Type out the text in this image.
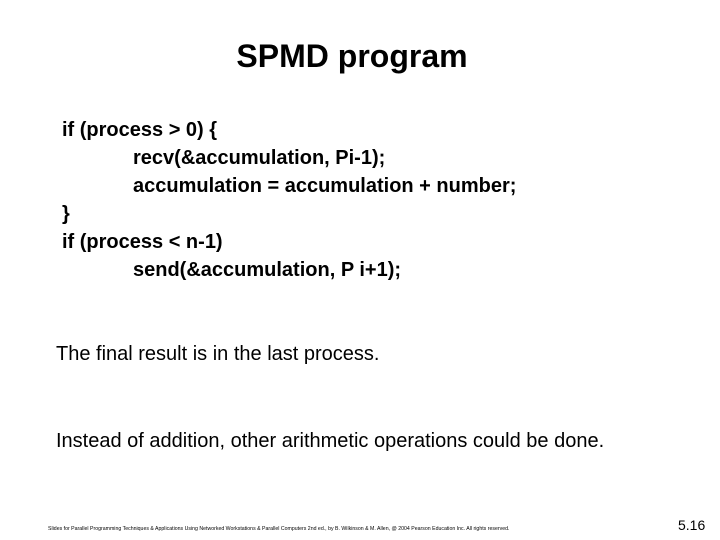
SPMD program
if (process > 0) {
recv(&accumulation, Pi-1);
accumulation = accumulation + number;
}
if (process < n-1)
send(&accumulation, P i+1);
The final result is in the last process.
Instead of addition, other arithmetic operations could be done.
Slides for Parallel Programming Techniques & Applications Using Networked Workstations & Parallel Computers 2nd ed., by B. Wilkinson & M. Allen, @ 2004 Pearson Education Inc. All rights reserved.	5.16
